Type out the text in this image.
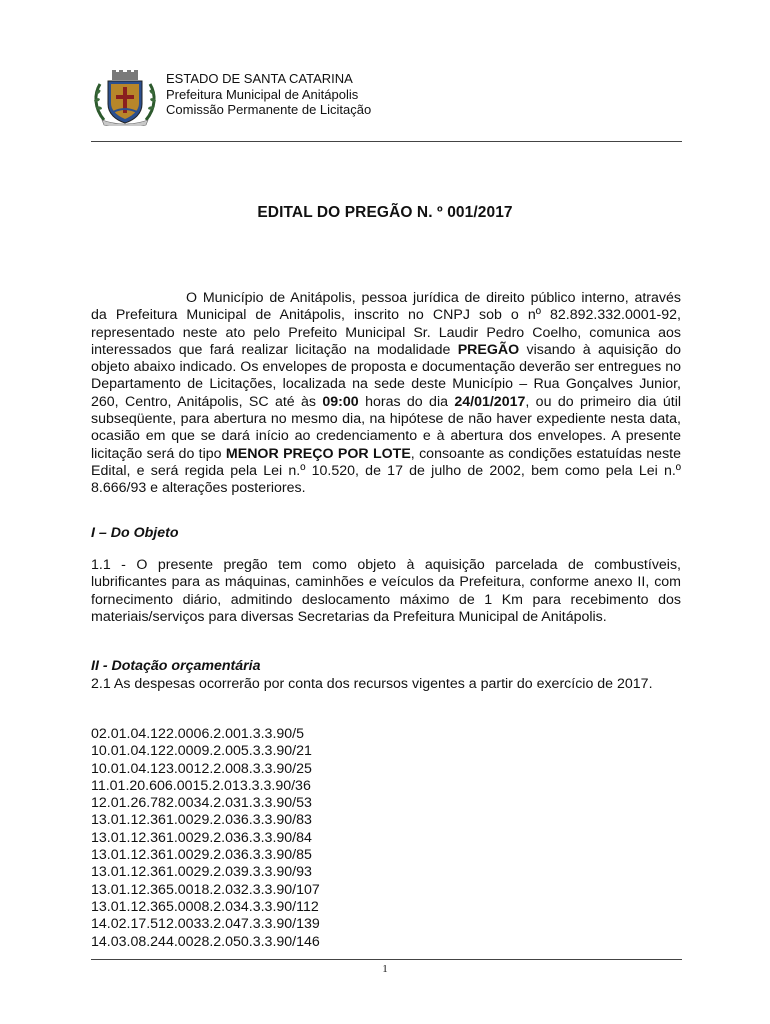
ESTADO DE SANTA CATARINA
Prefeitura Municipal de Anitápolis
Comissão Permanente de Licitação
EDITAL DO PREGÃO N. º 001/2017
O Município de Anitápolis, pessoa jurídica de direito público interno, através da Prefeitura Municipal de Anitápolis, inscrito no CNPJ sob o nº 82.892.332.0001-92, representado neste ato pelo Prefeito Municipal Sr. Laudir Pedro Coelho, comunica aos interessados que fará realizar licitação na modalidade PREGÃO visando à aquisição do objeto abaixo indicado. Os envelopes de proposta e documentação deverão ser entregues no Departamento de Licitações, localizada na sede deste Município – Rua Gonçalves Junior, 260, Centro, Anitápolis, SC até às 09:00 horas do dia 24/01/2017, ou do primeiro dia útil subseqüente, para abertura no mesmo dia, na hipótese de não haver expediente nesta data, ocasião em que se dará início ao credenciamento e à abertura dos envelopes. A presente licitação será do tipo MENOR PREÇO POR LOTE, consoante as condições estatuídas neste Edital, e será regida pela Lei n.º 10.520, de 17 de julho de 2002, bem como pela Lei n.º 8.666/93 e alterações posteriores.
I – Do Objeto
1.1 - O presente pregão tem como objeto à aquisição parcelada de combustíveis, lubrificantes para as máquinas, caminhões e veículos da Prefeitura, conforme anexo II, com fornecimento diário, admitindo deslocamento máximo de 1 Km para recebimento dos materiais/serviços para diversas Secretarias da Prefeitura Municipal de Anitápolis.
II - Dotação orçamentária
2.1 As despesas ocorrerão por conta dos recursos vigentes a partir do exercício de 2017.
02.01.04.122.0006.2.001.3.3.90/5
10.01.04.122.0009.2.005.3.3.90/21
10.01.04.123.0012.2.008.3.3.90/25
11.01.20.606.0015.2.013.3.3.90/36
12.01.26.782.0034.2.031.3.3.90/53
13.01.12.361.0029.2.036.3.3.90/83
13.01.12.361.0029.2.036.3.3.90/84
13.01.12.361.0029.2.036.3.3.90/85
13.01.12.361.0029.2.039.3.3.90/93
13.01.12.365.0018.2.032.3.3.90/107
13.01.12.365.0008.2.034.3.3.90/112
14.02.17.512.0033.2.047.3.3.90/139
14.03.08.244.0028.2.050.3.3.90/146
1
